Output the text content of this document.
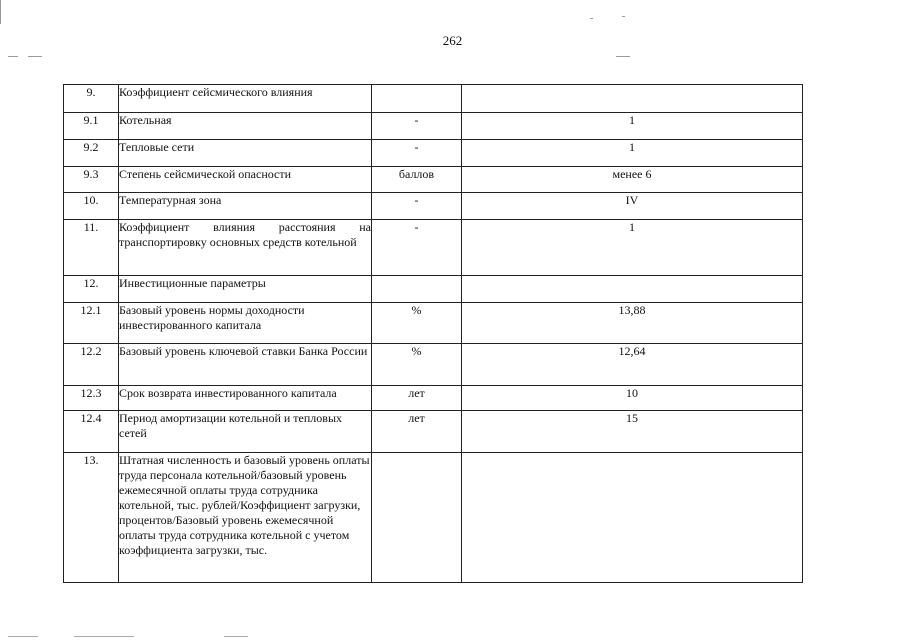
262
9.	Коэффициент сейсмического влияния		
9.1	Котельная	-	1
9.2	Тепловые сети	-	1
9.3	Степень сейсмической опасности	баллов	менее 6
10.	Температурная зона	-	IV
11.	Коэффициент влияния расстояния на транспортировку основных средств котельной	-	1
12.	Инвестиционные параметры		
12.1	Базовый уровень нормы доходности инвестированного капитала	%	13,88
12.2	Базовый уровень ключевой ставки Банка России	%	12,64
12.3	Срок возврата инвестированного капитала	лет	10
12.4	Период амортизации котельной и тепловых сетей	лет	15
13.	Штатная численность и базовый уровень оплаты труда персонала котельной/базовый уровень ежемесячной оплаты труда сотрудника котельной, тыс. рублей/Коэффициент загрузки, процентов/Базовый уровень ежемесячной оплаты труда сотрудника котельной с учетом коэффициента загрузки, тыс.		
